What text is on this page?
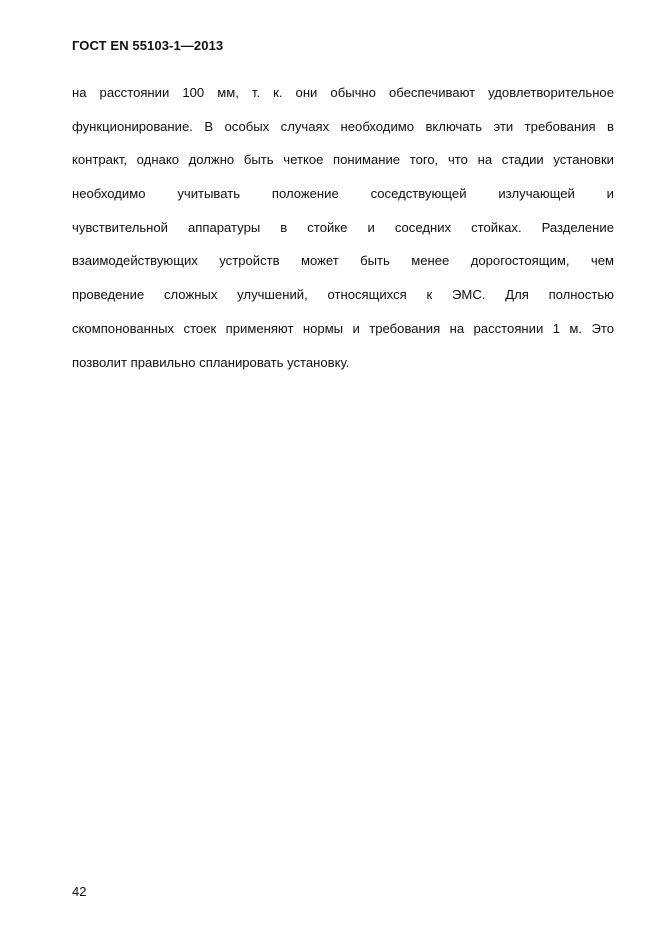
ГОСТ EN 55103-1—2013
на расстоянии 100 мм, т. к. они обычно обеспечивают удовлетворительное
функционирование. В особых случаях необходимо включать эти требования в
контракт, однако должно быть четкое понимание того, что на стадии установки
необходимо учитывать положение соседствующей излучающей и
чувствительной аппаратуры в стойке и соседних стойках. Разделение
взаимодействующих устройств может быть менее дорогостоящим, чем
проведение сложных улучшений, относящихся к ЭМС. Для полностью
скомпонованных стоек применяют нормы и требования на расстоянии 1 м. Это
позволит правильно спланировать установку.
42
